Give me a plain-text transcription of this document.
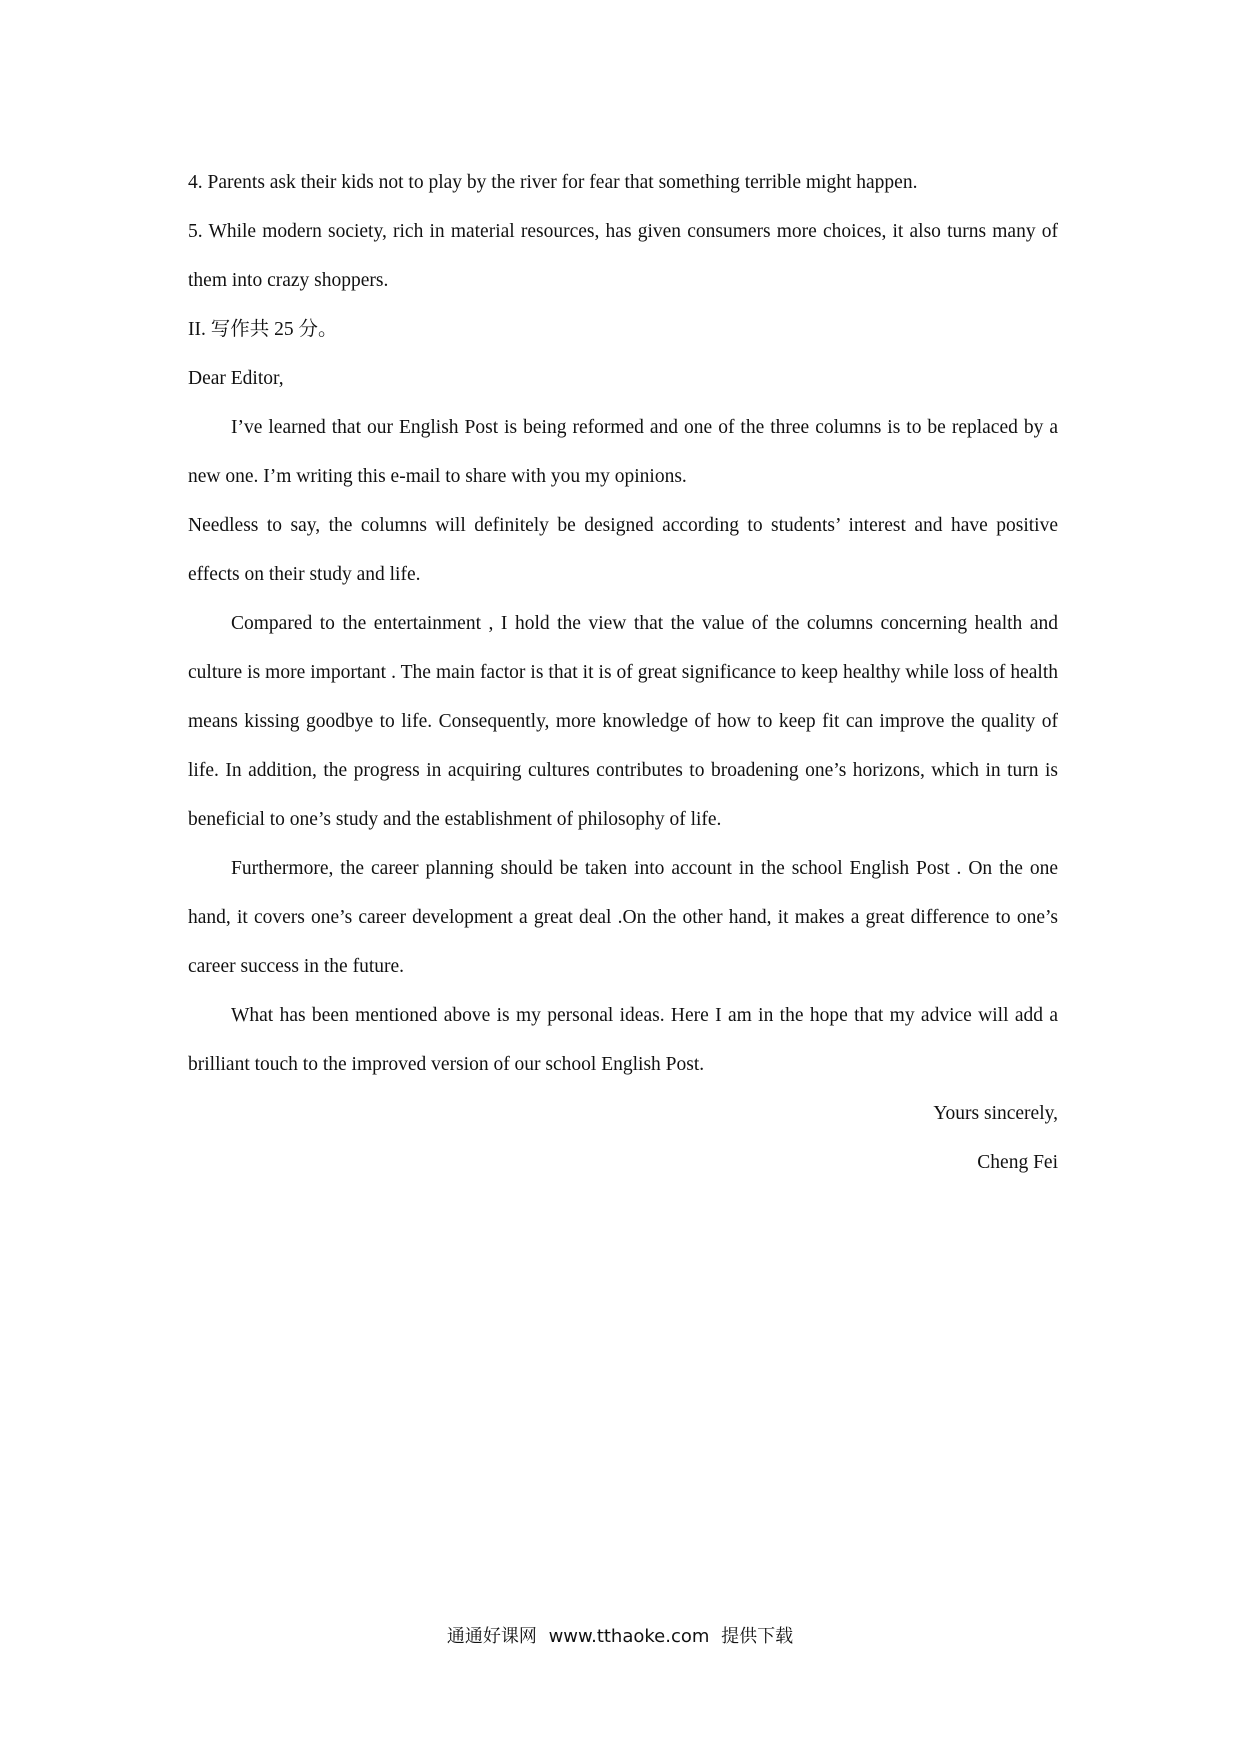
4. Parents ask their kids not to play by the river for fear that something terrible might happen.

5. While modern society, rich in material resources, has given consumers more choices, it also turns many of them into crazy shoppers.

II. 写作共 25 分。

Dear Editor,

I’ve learned that our English Post is being reformed and one of the three columns is to be replaced by a new one. I’m writing this e-mail to share with you my opinions.

Needless to say, the columns will definitely be designed according to students’ interest and have positive effects on their study and life.

Compared to the entertainment , I hold the view that the value of the columns concerning health and culture is more important . The main factor is that it is of great significance to keep healthy while loss of health means kissing goodbye to life. Consequently, more knowledge of how to keep fit can improve the quality of life. In addition, the progress in acquiring cultures contributes to broadening one’s horizons, which in turn is beneficial to one’s study and the establishment of philosophy of life.

Furthermore, the career planning should be taken into account in the school English Post . On the one hand, it covers one’s career development a great deal .On the other hand, it makes a great difference to one’s career success in the future.

What has been mentioned above is my personal ideas. Here I am in the hope that my advice will add a brilliant touch to the improved version of our school English Post.

Yours sincerely,

Cheng Fei

通通好课网 www.tthaoke.com 提供下载
